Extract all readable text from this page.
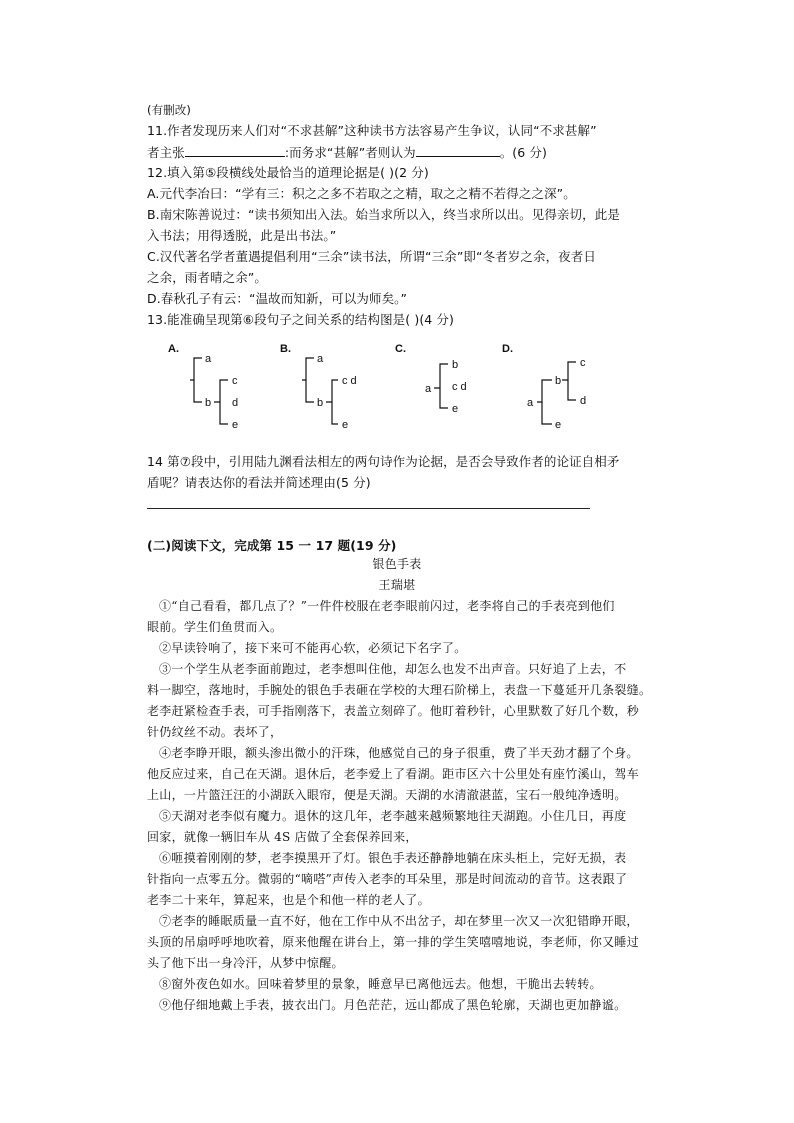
(有删改)
11.作者发现历来人们对“不求甚解”这种读书方法容易产生争议，认同“不求甚解”
者主张	:而务求“甚解”者则认为	。(6 分)
12.填入第⑤段横线处最恰当的道理论据是( )(2 分)
A.元代李冶曰：“学有三：积之之多不若取之之精，取之之精不若得之之深”。
B.南宋陈善说过：“读书须知出入法。始当求所以入，终当求所以出。见得亲切，此是
入书法；用得透脱，此是出书法。”
C.汉代著名学者董遇提倡利用“三余”读书法，所谓“三余”即“冬者岁之余，夜者日
之余，雨者晴之余”。
D.春秋孔子有云：“温故而知新，可以为师矣。”
13.能准确呈现第⑥段句子之间关系的结构图是( )(4 分)
A.
a
b
c
d
e
B.
a
b
c d
e
C.
a
b
c d
e
D.
a
b
c
d
e
14 第⑦段中，引用陆九渊看法相左的两句诗作为论据，是否会导致作者的论证自相矛
盾呢？请表达你的看法并简述理由(5 分)
(二)阅读下文，完成第 15 一 17 题(19 分)
银色手表
王瑞堪
①“自己看看，都几点了？”一件件校服在老李眼前闪过，老李将自己的手表亮到他们
眼前。学生们鱼贯而入。
②早读铃响了，接下来可不能再心软，必须记下名字了。
③一个学生从老李面前跑过，老李想叫住他，却怎么也发不出声音。只好追了上去，不
料一脚空，落地时，手腕处的银色手表砸在学校的大理石阶梯上，表盘一下蔓延开几条裂缝。
老李赶紧检查手表，可手指刚落下，表盖立刻碎了。他盯着秒针，心里默数了好几个数，秒
针仍纹丝不动。表坏了，
④老李睁开眼，额头渗出微小的汗珠，他感觉自己的身子很重，费了半天劲才翻了个身。
他反应过来，自己在天湖。退休后，老李爱上了看湖。距市区六十公里处有座竹溪山，驾车
上山，一片篮汪汪的小湖跃入眼帘，便是天湖。天湖的水清澈湛蓝，宝石一般纯净透明。
⑤天湖对老李似有魔力。退休的这几年，老李越来越频繁地往天湖跑。小住几日，再度
回家，就像一辆旧车从 4S 店做了全套保养回来，
⑥咂摸着刚刚的梦，老李摸黑开了灯。银色手表还静静地躺在床头柜上，完好无损，表
针指向一点零五分。微弱的“嘀嗒”声传入老李的耳朵里，那是时间流动的音节。这表跟了
老李二十来年，算起来，也是个和他一样的老人了。
⑦老李的睡眠质量一直不好，他在工作中从不出岔子，却在梦里一次又一次犯错睁开眼，
头顶的吊扇呼呼地吹着，原来他醒在讲台上，第一排的学生笑嘻嘻地说，李老师，你又睡过
头了他下出一身冷汗，从梦中惊醒。
⑧窗外夜色如水。回味着梦里的景象，睡意早已离他远去。他想，干脆出去转转。
⑨他仔细地戴上手表，披衣出门。月色茫茫，远山都成了黑色轮廓，天湖也更加静谧。
